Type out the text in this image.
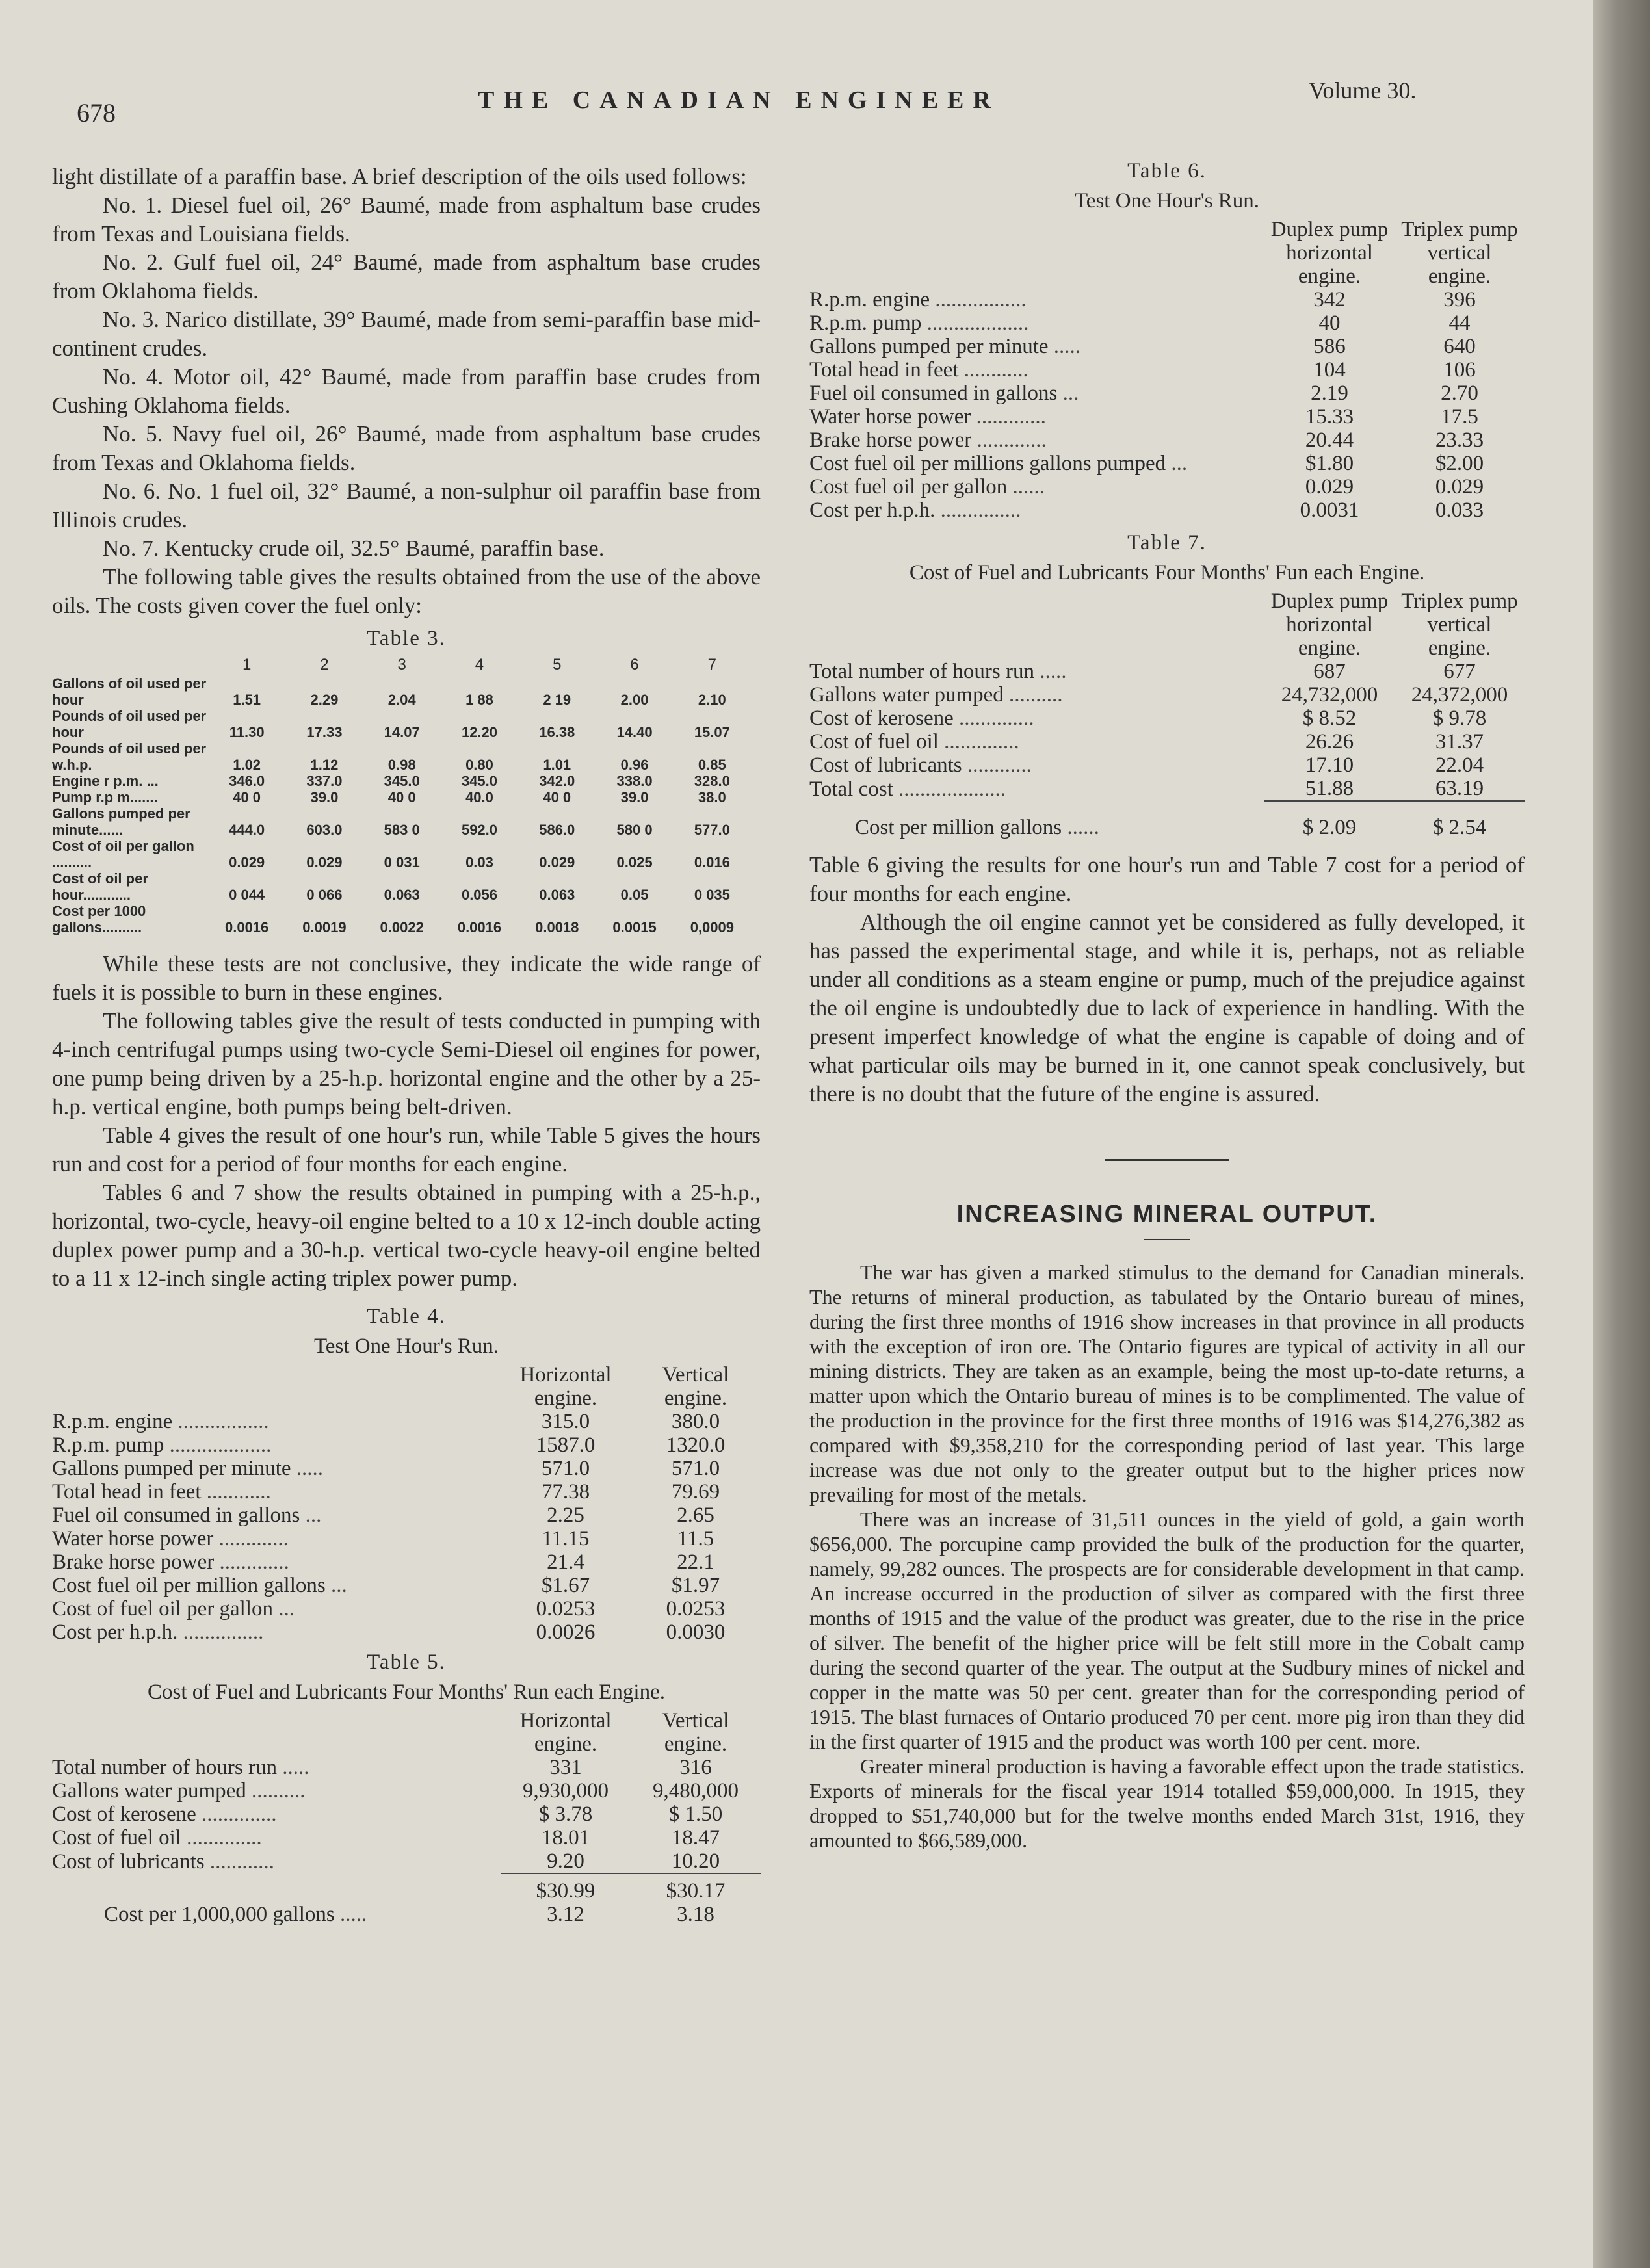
678	THE CANADIAN ENGINEER	Volume 30.

light distillate of a paraffin base. A brief description of the oils used follows:

No. 1. Diesel fuel oil, 26° Baumé, made from asphaltum base crudes from Texas and Louisiana fields.

No. 2. Gulf fuel oil, 24° Baumé, made from asphaltum base crudes from Oklahoma fields.

No. 3. Narico distillate, 39° Baumé, made from semi-paraffin base mid-continent crudes.

No. 4. Motor oil, 42° Baumé, made from paraffin base crudes from Cushing Oklahoma fields.

No. 5. Navy fuel oil, 26° Baumé, made from asphaltum base crudes from Texas and Oklahoma fields.

No. 6. No. 1 fuel oil, 32° Baumé, a non-sulphur oil paraffin base from Illinois crudes.

No. 7. Kentucky crude oil, 32.5° Baumé, paraffin base.

The following table gives the results obtained from the use of the above oils. The costs given cover the fuel only:

Table 3.
	1	2	3	4	5	6	7
Gallons of oil used per hour	1.51	2.29	2.04	1 88	2 19	2.00	2.10
Pounds of oil used per hour	11.30	17.33	14.07	12.20	16.38	14.40	15.07
Pounds of oil used per w.h.p.	1.02	1.12	0.98	0.80	1.01	0.96	0.85
Engine r p.m. ...	346.0	337.0	345.0	345.0	342.0	338.0	328.0
Pump r.p m.......	40 0	39.0	40 0	40.0	40 0	39.0	38.0
Gallons pumped per minute......	444.0	603.0	583 0	592.0	586.0	580 0	577.0
Cost of oil per gallon ..........	0.029	0.029	0 031	0.03	0.029	0.025	0.016
Cost of oil per hour............	0 044	0 066	0.063	0.056	0.063	0.05	0 035
Cost per 1000 gallons..........	0.0016	0.0019	0.0022	0.0016	0.0018	0.0015	0,0009

While these tests are not conclusive, they indicate the wide range of fuels it is possible to burn in these engines.

The following tables give the result of tests conducted in pumping with 4-inch centrifugal pumps using two-cycle Semi-Diesel oil engines for power, one pump being driven by a 25-h.p. horizontal engine and the other by a 25-h.p. vertical engine, both pumps being belt-driven.

Table 4 gives the result of one hour's run, while Table 5 gives the hours run and cost for a period of four months for each engine.

Tables 6 and 7 show the results obtained in pumping with a 25-h.p., horizontal, two-cycle, heavy-oil engine belted to a 10 x 12-inch double acting duplex power pump and a 30-h.p. vertical two-cycle heavy-oil engine belted to a 11 x 12-inch single acting triplex power pump.

Table 4.
Test One Hour's Run.
	Horizontal engine.	Vertical engine.
R.p.m. engine .................	315.0	380.0
R.p.m. pump ...................	1587.0	1320.0
Gallons pumped per minute .....	571.0	571.0
Total head in feet ............	77.38	79.69
Fuel oil consumed in gallons ...	2.25	2.65
Water horse power .............	11.15	11.5
Brake horse power .............	21.4	22.1
Cost fuel oil per million gallons ...	$1.67	$1.97
Cost of fuel oil per gallon ...	0.0253	0.0253
Cost per h.p.h. ...............	0.0026	0.0030
Table 5.
Cost of Fuel and Lubricants Four Months' Run each Engine.
	Horizontal engine.	Vertical engine.
Total number of hours run .....	331	316
Gallons water pumped ..........	9,930,000	9,480,000
Cost of kerosene ..............	$ 3.78	$ 1.50
Cost of fuel oil ..............	18.01	18.47
Cost of lubricants ............	9.20	10.20
	$30.99	$30.17
Cost per 1,000,000 gallons .....	3.12	3.18
Table 6.
Test One Hour's Run.
	Duplex pump horizontal engine.	Triplex pump vertical engine.
R.p.m. engine .................	342	396
R.p.m. pump ...................	40	44
Gallons pumped per minute .....	586	640
Total head in feet ............	104	106
Fuel oil consumed in gallons ...	2.19	2.70
Water horse power .............	15.33	17.5
Brake horse power .............	20.44	23.33
Cost fuel oil per millions gallons pumped ...	$1.80	$2.00
Cost fuel oil per gallon ......	0.029	0.029
Cost per h.p.h. ...............	0.0031	0.033
Table 7.
Cost of Fuel and Lubricants Four Months' Fun each Engine.
	Duplex pump horizontal engine.	Triplex pump vertical engine.
Total number of hours run .....	687	677
Gallons water pumped ..........	24,732,000	24,372,000
Cost of kerosene ..............	$ 8.52	$ 9.78
Cost of fuel oil ..............	26.26	31.37
Cost of lubricants ............	17.10	22.04
Total cost ....................	51.88	63.19
Cost per million gallons ......	$ 2.09	$ 2.54

Table 6 giving the results for one hour's run and Table 7 cost for a period of four months for each engine.

Although the oil engine cannot yet be considered as fully developed, it has passed the experimental stage, and while it is, perhaps, not as reliable under all conditions as a steam engine or pump, much of the prejudice against the oil engine is undoubtedly due to lack of experience in handling. With the present imperfect knowledge of what the engine is capable of doing and of what particular oils may be burned in it, one cannot speak conclusively, but there is no doubt that the future of the engine is assured.

INCREASING MINERAL OUTPUT.

The war has given a marked stimulus to the demand for Canadian minerals. The returns of mineral production, as tabulated by the Ontario bureau of mines, during the first three months of 1916 show increases in that province in all products with the exception of iron ore. The Ontario figures are typical of activity in all our mining districts. They are taken as an example, being the most up-to-date returns, a matter upon which the Ontario bureau of mines is to be complimented. The value of the production in the province for the first three months of 1916 was $14,276,382 as compared with $9,358,210 for the corresponding period of last year. This large increase was due not only to the greater output but to the higher prices now prevailing for most of the metals.

There was an increase of 31,511 ounces in the yield of gold, a gain worth $656,000. The porcupine camp provided the bulk of the production for the quarter, namely, 99,282 ounces. The prospects are for considerable development in that camp. An increase occurred in the production of silver as compared with the first three months of 1915 and the value of the product was greater, due to the rise in the price of silver. The benefit of the higher price will be felt still more in the Cobalt camp during the second quarter of the year. The output at the Sudbury mines of nickel and copper in the matte was 50 per cent. greater than for the corresponding period of 1915. The blast furnaces of Ontario produced 70 per cent. more pig iron than they did in the first quarter of 1915 and the product was worth 100 per cent. more.

Greater mineral production is having a favorable effect upon the trade statistics. Exports of minerals for the fiscal year 1914 totalled $59,000,000. In 1915, they dropped to $51,740,000 but for the twelve months ended March 31st, 1916, they amounted to $66,589,000.
